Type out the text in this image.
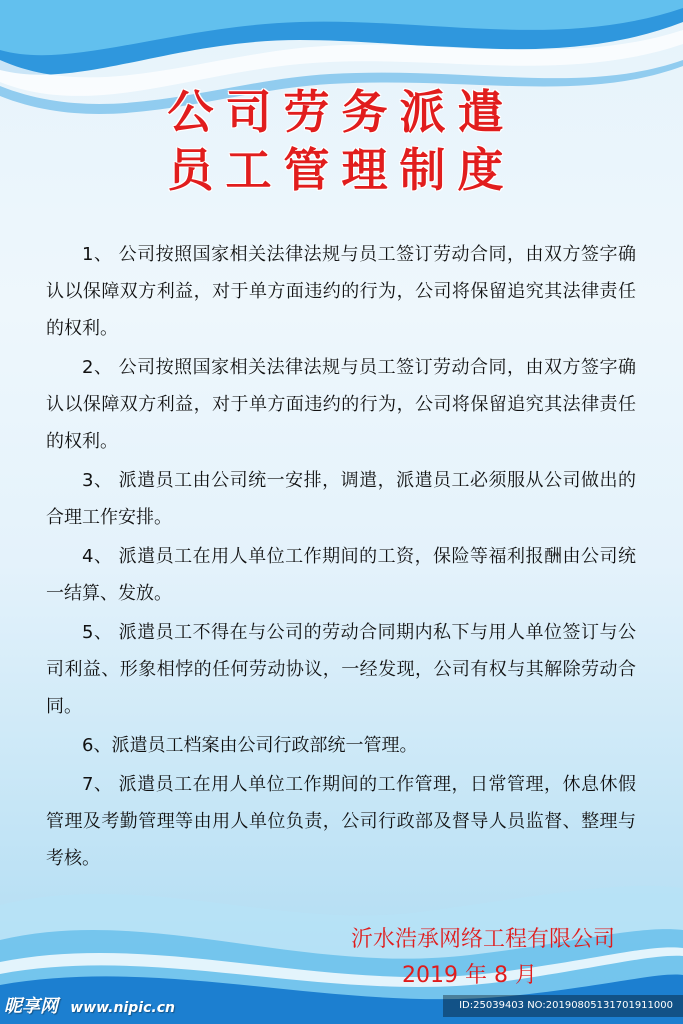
公司劳务派遣
员工管理制度

1、 公司按照国家相关法律法规与员工签订劳动合同，由双方签字确认以保障双方利益，对于单方面违约的行为，公司将保留追究其法律责任的权利。

2、 公司按照国家相关法律法规与员工签订劳动合同，由双方签字确认以保障双方利益，对于单方面违约的行为，公司将保留追究其法律责任的权利。

3、 派遣员工由公司统一安排，调遣，派遣员工必须服从公司做出的合理工作安排。

4、 派遣员工在用人单位工作期间的工资，保险等福利报酬由公司统一结算、发放。

5、 派遣员工不得在与公司的劳动合同期内私下与用人单位签订与公司利益、形象相悖的任何劳动协议，一经发现，公司有权与其解除劳动合同。

6、派遣员工档案由公司行政部统一管理。

7、 派遣员工在用人单位工作期间的工作管理，日常管理，休息休假管理及考勤管理等由用人单位负责，公司行政部及督导人员监督、整理与考核。

沂水浩承网络工程有限公司
2019 年 8 月
昵享网 www.nipic.cn	ID:25039403 NO:20190805131701911000
